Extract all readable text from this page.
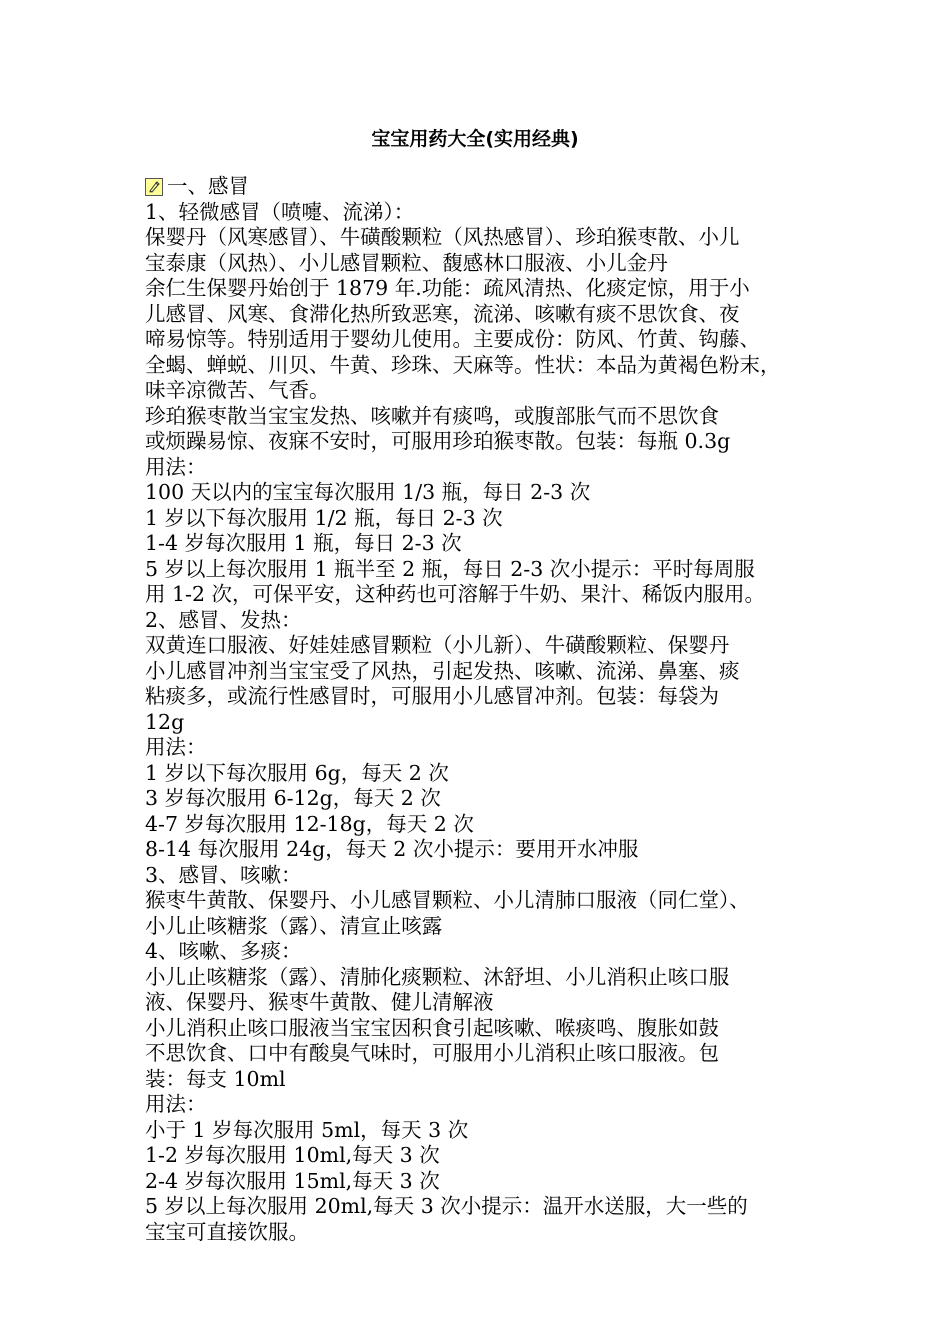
宝宝用药大全(实用经典)
一、感冒
1、轻微感冒（喷嚏、流涕）：
保婴丹（风寒感冒）、牛磺酸颗粒（风热感冒）、珍珀猴枣散、小儿
宝泰康（风热）、小儿感冒颗粒、馥感林口服液、小儿金丹
余仁生保婴丹始创于 1879 年.功能：疏风清热、化痰定惊，用于小
儿感冒、风寒、食滞化热所致恶寒，流涕、咳嗽有痰不思饮食、夜
啼易惊等。特别适用于婴幼儿使用。主要成份：防风、竹黄、钩藤、
全蝎、蝉蜕、川贝、牛黄、珍珠、天麻等。性状：本品为黄褐色粉末，
味辛凉微苦、气香。
珍珀猴枣散当宝宝发热、咳嗽并有痰鸣，或腹部胀气而不思饮食
或烦躁易惊、夜寐不安时，可服用珍珀猴枣散。包装：每瓶 0.3g
用法：
100 天以内的宝宝每次服用 1/3 瓶，每日 2-3 次
1 岁以下每次服用 1/2 瓶，每日 2-3 次
1-4 岁每次服用 1 瓶，每日 2-3 次
5 岁以上每次服用 1 瓶半至 2 瓶，每日 2-3 次小提示：平时每周服
用 1-2 次，可保平安，这种药也可溶解于牛奶、果汁、稀饭内服用。
2、感冒、发热：
双黄连口服液、好娃娃感冒颗粒（小儿新）、牛磺酸颗粒、保婴丹
小儿感冒冲剂当宝宝受了风热，引起发热、咳嗽、流涕、鼻塞、痰
粘痰多，或流行性感冒时，可服用小儿感冒冲剂。包装：每袋为
12g
用法：
1 岁以下每次服用 6g，每天 2 次
3 岁每次服用 6-12g，每天 2 次
4-7 岁每次服用 12-18g，每天 2 次
8-14 每次服用 24g，每天 2 次小提示：要用开水冲服
3、感冒、咳嗽：
猴枣牛黄散、保婴丹、小儿感冒颗粒、小儿清肺口服液（同仁堂）、
小儿止咳糖浆（露）、清宣止咳露
4、咳嗽、多痰：
小儿止咳糖浆（露）、清肺化痰颗粒、沐舒坦、小儿消积止咳口服
液、保婴丹、猴枣牛黄散、健儿清解液
小儿消积止咳口服液当宝宝因积食引起咳嗽、喉痰鸣、腹胀如鼓
不思饮食、口中有酸臭气味时，可服用小儿消积止咳口服液。包
装：每支 10ml
用法：
小于 1 岁每次服用 5ml，每天 3 次
1-2 岁每次服用 10ml,每天 3 次
2-4 岁每次服用 15ml,每天 3 次
5 岁以上每次服用 20ml,每天 3 次小提示：温开水送服，大一些的
宝宝可直接饮服。
